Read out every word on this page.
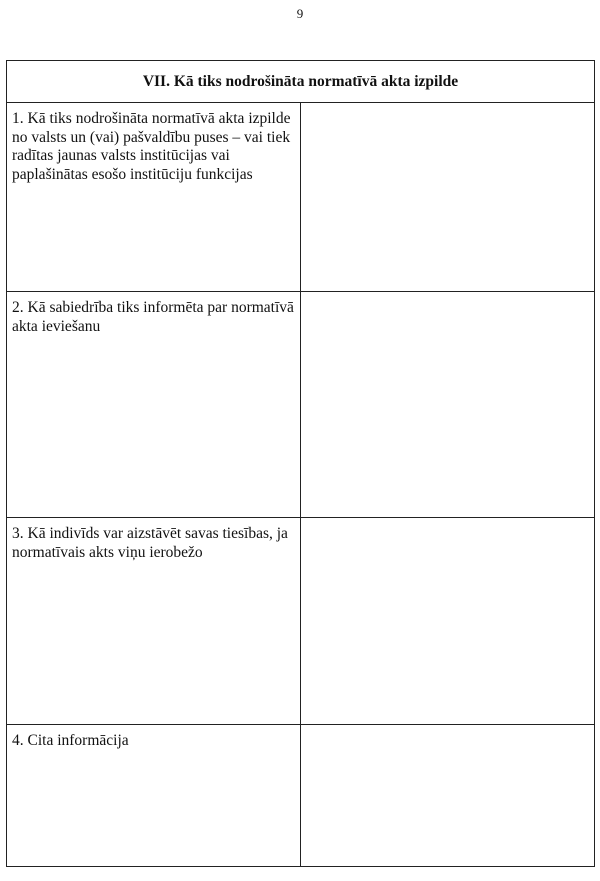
9
VII. Kā tiks nodrošināta normatīvā akta izpilde	

1. Kā tiks nodrošināta normatīvā akta izpilde no valsts un (vai) pašvaldību puses – vai tiek radītas jaunas valsts institūcijas vai paplašinātas esošo institūciju funkcijas	

2. Kā sabiedrība tiks informēta par normatīvā akta ieviešanu	

3. Kā indivīds var aizstāvēt savas tiesības, ja normatīvais akts viņu ierobežo	

4. Cita informācija	
